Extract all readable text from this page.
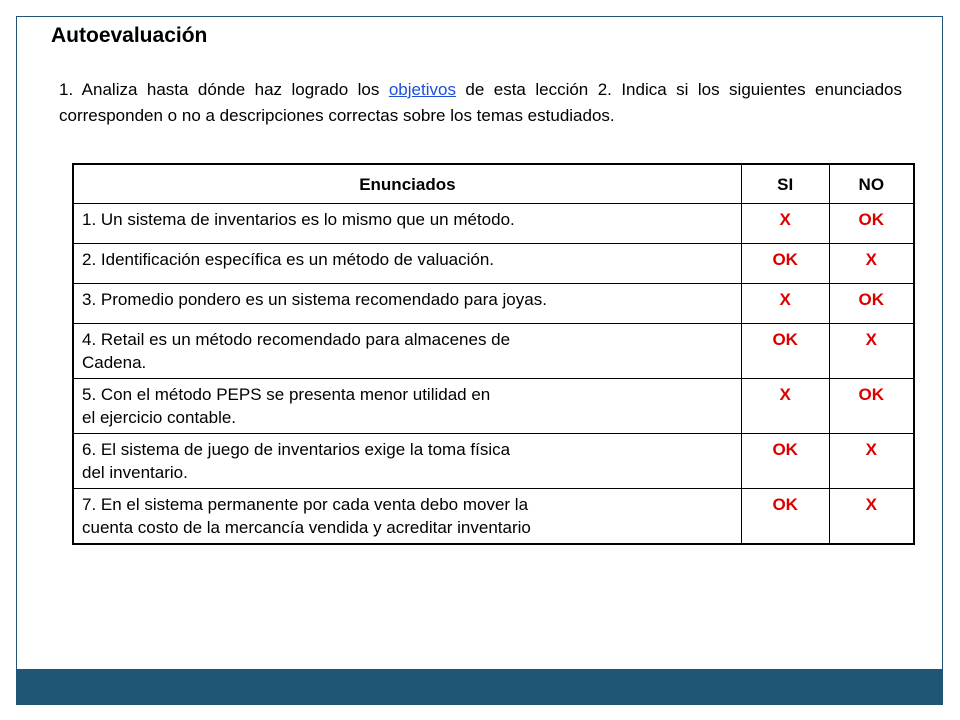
Autoevaluación

1. Analiza hasta dónde haz logrado los objetivos de esta lección 2. Indica si los siguientes enunciados corresponden o no a descripciones correctas sobre los temas estudiados.

Enunciados	SI	NO
1. Un sistema de inventarios es lo mismo que un método.	X	OK
2. Identificación específica es un método de valuación.	OK	X
3. Promedio pondero es un sistema recomendado para joyas.	X	OK
4. Retail es un método recomendado para almacenes de
Cadena.	OK	X
5. Con el método PEPS se presenta menor utilidad en
el ejercicio contable.	X	OK
6. El sistema de juego de inventarios exige la toma física
del inventario.	OK	X
7. En el sistema permanente por cada venta debo mover la
cuenta costo de la mercancía vendida y acreditar inventario	OK	X
